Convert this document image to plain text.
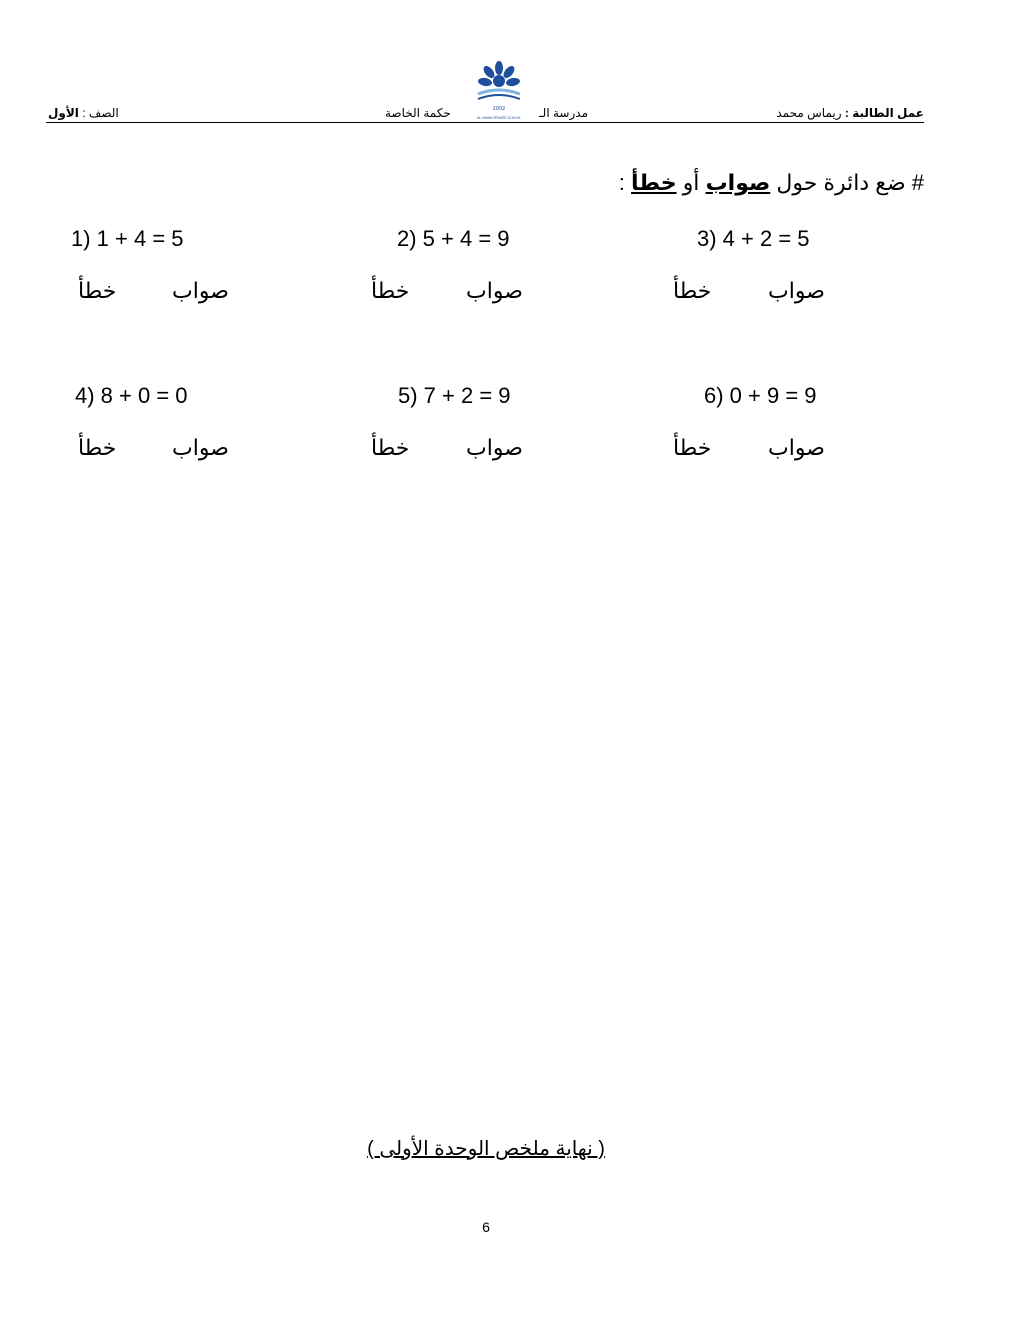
عمل الطالبة : ريماس محمد
مدرسة الـ
حكمة الخاصة
الصف : الأول	2002
AL-HIKMA PRIVATE SCHOOL
# ضع دائرة حول صواب أو خطأ :
1) 1 + 4 = 5
صواب
خطأ
2) 5 + 4 = 9
صواب
خطأ
3) 4 + 2 = 5
صواب
خطأ
4) 8 + 0 = 0
صواب
خطأ
5) 7 + 2 = 9
صواب
خطأ
6) 0 + 9 = 9
صواب
خطأ
( نهاية ملخص الوحدة الأولى )
6
